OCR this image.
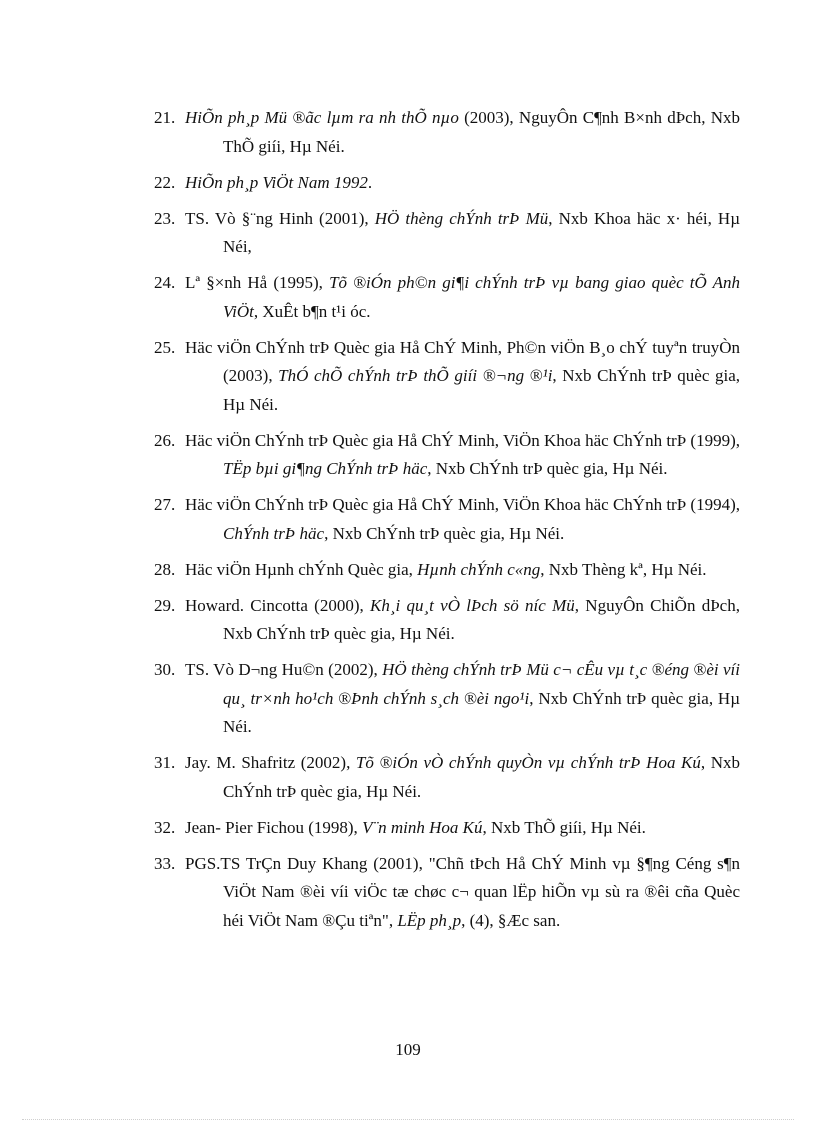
21. HiÕn ph¸p Mü ®ãc lµm ra nh thÕ nµo (2003), NguyÔn C¶nh B×nh dÞch, Nxb ThÕ giíi, Hµ Néi.
22. HiÕn ph¸p ViÖt Nam 1992.
23. TS. Vò §¨ng Hinh (2001), HÖ thèng chÝnh trÞ Mü, Nxb Khoa häc x· héi, Hµ Néi,
24. Lª §×nh Hå (1995), Tõ ®iÓn ph©n gi¶i chÝnh trÞ vµ bang giao quèc tÕ Anh ViÖt, XuÊt b¶n t¹i óc.
25. Häc viÖn ChÝnh trÞ Quèc gia Hå ChÝ Minh, Ph©n viÖn B¸o chÝ tuyªn truyÒn (2003), ThÓ chÕ chÝnh trÞ thÕ giíi ®¬ng ®¹i, Nxb ChÝnh trÞ quèc gia, Hµ Néi.
26. Häc viÖn ChÝnh trÞ Quèc gia Hå ChÝ Minh, ViÖn Khoa häc ChÝnh trÞ (1999), TËp bµi gi¶ng ChÝnh trÞ häc, Nxb ChÝnh trÞ quèc gia, Hµ Néi.
27. Häc viÖn ChÝnh trÞ Quèc gia Hå ChÝ Minh, ViÖn Khoa häc ChÝnh trÞ (1994), ChÝnh trÞ häc, Nxb ChÝnh trÞ quèc gia, Hµ Néi.
28. Häc viÖn Hµnh chÝnh Quèc gia, Hµnh chÝnh c«ng, Nxb Thèng kª, Hµ Néi.
29. Howard. Cincotta (2000), Kh¸i qu¸t vÒ lÞch sö níc Mü, NguyÔn ChiÕn dÞch, Nxb ChÝnh trÞ quèc gia, Hµ Néi.
30. TS. Vò D¬ng Hu©n (2002), HÖ thèng chÝnh trÞ Mü c¬ cÊu vµ t¸c ®éng ®èi víi qu¸ tr×nh ho¹ch ®Þnh chÝnh s¸ch ®èi ngo¹i, Nxb ChÝnh trÞ quèc gia, Hµ Néi.
31. Jay. M. Shafritz (2002), Tõ ®iÓn vÒ chÝnh quyÒn vµ chÝnh trÞ Hoa Kú, Nxb ChÝnh trÞ quèc gia, Hµ Néi.
32. Jean- Pier Fichou (1998), V¨n minh Hoa Kú, Nxb ThÕ giíi, Hµ Néi.
33. PGS.TS TrÇn Duy Khang (2001), "Chñ tÞch Hå ChÝ Minh vµ §¶ng Céng s¶n ViÖt Nam ®èi víi viÖc tæ chøc c¬ quan lËp hiÕn vµ sù ra ®êi cña Quèc héi ViÖt Nam ®Çu tiªn", LËp ph¸p, (4), §Æc san.
109
